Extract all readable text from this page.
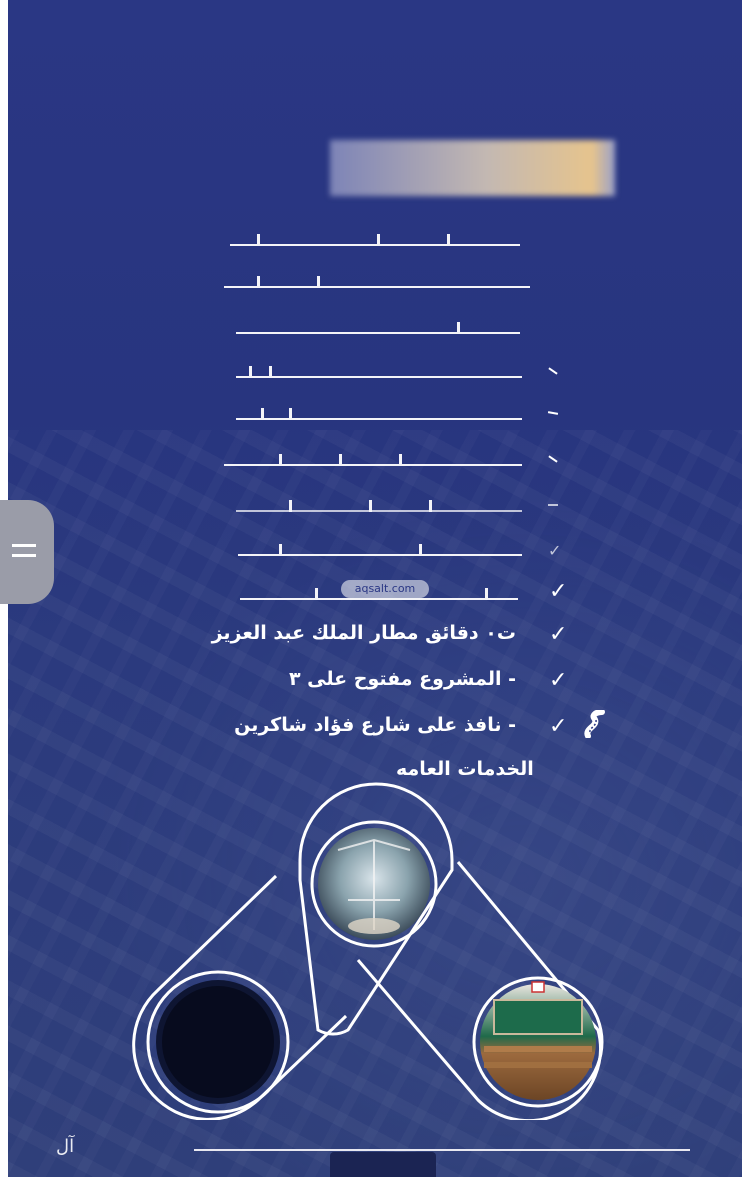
✓
✓
ت٠ دقائق مطار الملك عبد العزيز ✓
- المشروع مفتوح على ٣ ✓
- نافذ على شارع فؤاد شاكرين ✓
الخدمات العامه
aqsalt.com
آل
